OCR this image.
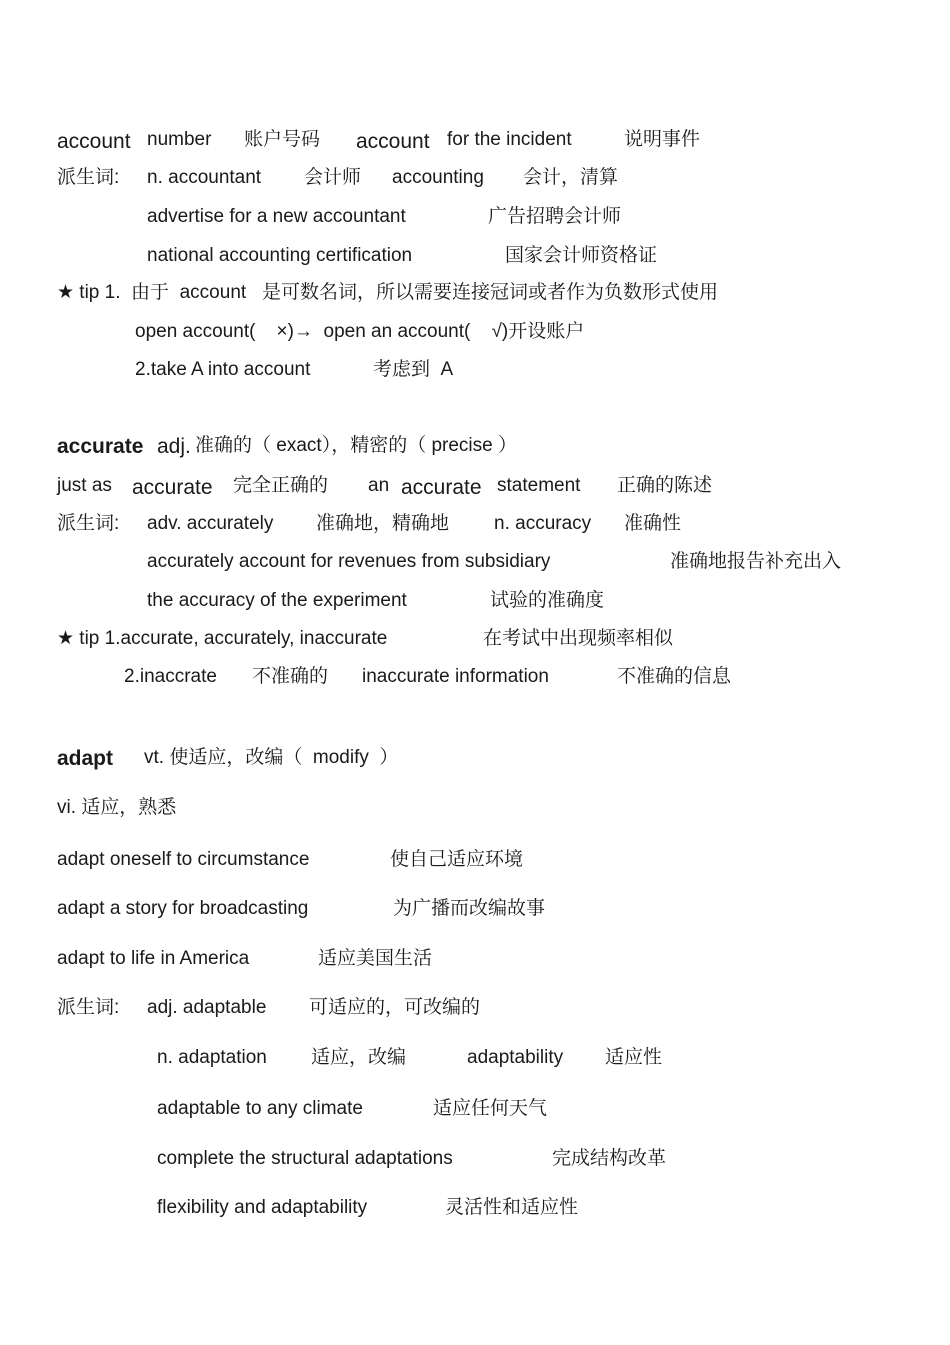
account number 账户号码 account for the incident	说明事件
派生词: n. accountant 会计师 accounting 会计，清算
advertise for a new accountant	广告招聘会计师
national accounting certification	国家会计师资格证
★ tip 1.  由于  account   是可数名词，所以需要连接冠词或者作为负数形式使用
open account(    ×)→  open an account(    √)开设账户
2.take A into account	考虑到  A
accurate adj. 准确的（ exact），精密的（ precise ）
just as accurate 完全正确的 an accurate statement 正确的陈述
派生词: adv. accurately 准确地，精确地 n. accuracy 准确性
accurately account for revenues from subsidiary	准确地报告补充出入
the accuracy of the experiment	试验的准确度
★ tip 1.accurate, accurately, inaccurate	在考试中出现频率相似
2.inaccrate 不准确的 inaccurate information	不准确的信息
adapt vt. 使适应，改编（  modify  ）
vi. 适应，熟悉
adapt oneself to circumstance	使自己适应环境
adapt a story for broadcasting	为广播而改编故事
adapt to life in America	适应美国生活
派生词: adj. adaptable 可适应的，可改编的
n. adaptation 适应，改编	adaptability 适应性
adaptable to any climate	适应任何天气
complete the structural adaptations	完成结构改革
flexibility and adaptability	灵活性和适应性
